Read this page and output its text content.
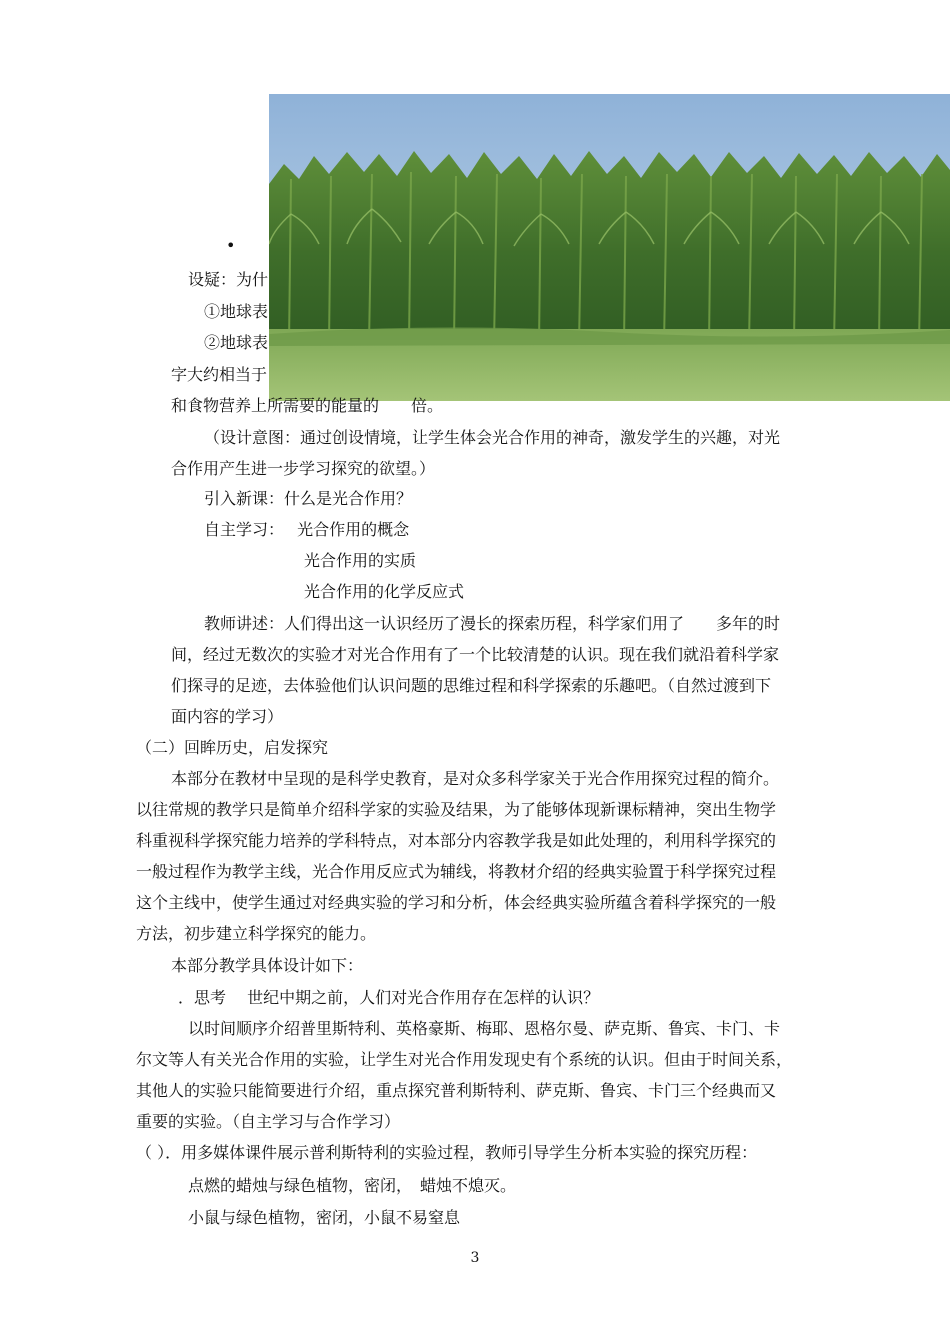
•
设疑：为什
①地球表
②地球表
字大约相当于
和食物营养上所需要的能量的　　倍。
（设计意图：通过创设情境，让学生体会光合作用的神奇，激发学生的兴趣，对光
合作用产生进一步学习探究的欲望。）
引入新课：什么是光合作用？
自主学习：　 光合作用的概念
光合作用的实质
光合作用的化学反应式
教师讲述：人们得出这一认识经历了漫长的探索历程，科学家们用了　　多年的时
间，经过无数次的实验才对光合作用有了一个比较清楚的认识。现在我们就沿着科学家
们探寻的足迹，去体验他们认识问题的思维过程和科学探索的乐趣吧。（自然过渡到下
面内容的学习）
（二）回眸历史，启发探究
本部分在教材中呈现的是科学史教育，是对众多科学家关于光合作用探究过程的简介。
以往常规的教学只是简单介绍科学家的实验及结果，为了能够体现新课标精神，突出生物学
科重视科学探究能力培养的学科特点，对本部分内容教学我是如此处理的，利用科学探究的
一般过程作为教学主线，光合作用反应式为辅线，将教材介绍的经典实验置于科学探究过程
这个主线中，使学生通过对经典实验的学习和分析，体会经典实验所蕴含着科学探究的一般
方法，初步建立科学探究的能力。
本部分教学具体设计如下：
．思考　 世纪中期之前，人们对光合作用存在怎样的认识？
以时间顺序介绍普里斯特利、英格豪斯、梅耶、恩格尔曼、萨克斯、鲁宾、卡门、卡
尔文等人有关光合作用的实验，让学生对光合作用发现史有个系统的认识。但由于时间关系，
其他人的实验只能简要进行介绍，重点探究普利斯特利、萨克斯、鲁宾、卡门三个经典而又
重要的实验。（自主学习与合作学习）
（ ）．用多媒体课件展示普利斯特利的实验过程，教师引导学生分析本实验的探究历程：
点燃的蜡烛与绿色植物，密闭，　蜡烛不熄灭。
小鼠与绿色植物，密闭，小鼠不易窒息
3
